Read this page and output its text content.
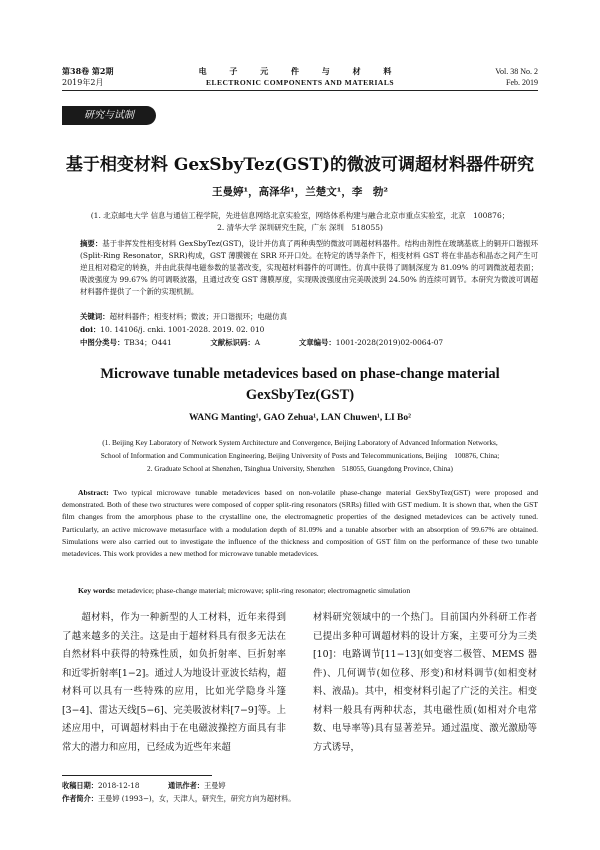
第38卷 第2期
2019年2月
电 子 元 件 与 材 料
ELECTRONIC COMPONENTS AND MATERIALS
Vol. 38 No. 2
Feb. 2019
研究与试制
基于相变材料 GexSbyTez(GST)的微波可调超材料器件研究
王曼婷¹，高泽华¹，兰楚文¹，李　勃²
(1. 北京邮电大学 信息与通信工程学院，先进信息网络北京实验室，网络体系构建与融合北京市重点实验室，北京　100876；
2. 清华大学 深圳研究生院，广东 深圳　518055)
摘要：基于非挥发性相变材料 GexSbyTez(GST)，设计并仿真了两种典型的微波可调超材料器件。结构由剂性在玻璃基底上的铜开口谐振环(Split-Ring Resonator，SRR)构成，GST 薄膜镀在 SRR 环开口处。在特定的诱导条件下，相变材料 GST 将在非晶态和晶态之间产生可逆且相对稳定的转换，并由此获得电磁参数的显著改变，实现超材料器件的可调性。仿真中获得了调制深度为 81.09% 的可调微波超表面；吸波强度为 99.67% 的可调吸波器，且通过改变 GST 薄膜厚度，实现吸波强度由完美吸波到 24.50% 的连续可调节。本研究为微波可调超材料器件提供了一个新的实现机制。
关键词：超材料器件；相变材料；微波；开口谐振环；电磁仿真
doi：10. 14106/j. cnki. 1001-2028. 2019. 02. 010
中图分类号：TB34；O441	文献标识码：A	文章编号：1001-2028(2019)02-0064-07
Microwave tunable metadevices based on phase-change material
GexSbyTez(GST)
WANG Manting¹, GAO Zehua¹, LAN Chuwen¹, LI Bo²
(1. Beijing Key Laboratory of Network System Architecture and Convergence, Beijing Laboratory of Advanced Information Networks,
School of Information and Communication Engineering, Beijing University of Posts and Telecommunications, Beijing　100876, China;
2. Graduate School at Shenzhen, Tsinghua University, Shenzhen　518055, Guangdong Province, China)
Abstract: Two typical microwave tunable metadevices based on non-volatile phase-change material GexSbyTez(GST) were proposed and demonstrated. Both of these two structures were composed of copper split-ring resonators (SRRs) filled with GST medium. It is shown that, when the GST film changes from the amorphous phase to the crystalline one, the electromagnetic properties of the designed metadevices can be actively tuned. Particularly, an active microwave metasurface with a modulation depth of 81.09% and a tunable absorber with an absorption of 99.67% are obtained. Simulations were also carried out to investigate the influence of the thickness and composition of GST film on the performance of these two tunable metadevices. This work provides a new method for microwave tunable metadevices.
Key words: metadevice; phase-change material; microwave; split-ring resonator; electromagnetic simulation
超材料，作为一种新型的人工材料，近年来得到了越来越多的关注。这是由于超材料具有很多无法在自然材料中获得的特殊性质，如负折射率、巨折射率和近零折射率[1−2]。通过人为地设计亚波长结构，超材料可以具有一些特殊的应用，比如光学隐身斗篷[3−4]、雷达天线[5−6]、完美吸波材料[7−9]等。上述应用中，可调超材料由于在电磁波操控方面具有非常大的潜力和应用，已经成为近些年来超
材料研究领域中的一个热门。目前国内外科研工作者已提出多种可调超材料的设计方案，主要可分为三类[10]：电路调节[11−13](如变容二极管、MEMS 器件)、几何调节(如位移、形变)和材料调节(如相变材料、液晶)。其中，相变材料引起了广泛的关注。相变材料一般具有两种状态，其电磁性质(如相对介电常数、电导率等)具有显著差异。通过温度、激光激励等方式诱导，
收稿日期：2018-12-18	通讯作者：王曼婷
作者简介：王曼婷 (1993−)，女，天津人，研究生，研究方向为超材料。
